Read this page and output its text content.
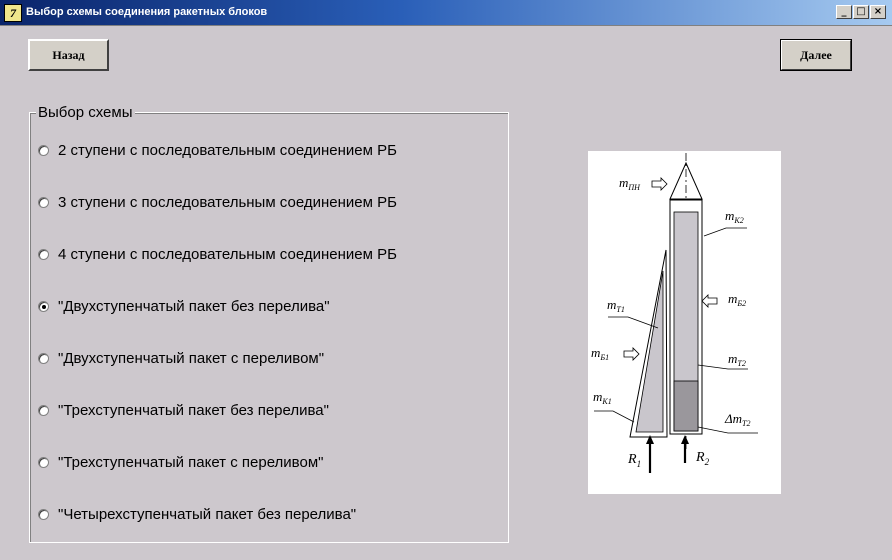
7 Выбор схемы соединения ракетных блоков	_ □ ×
Назад	Далее
Выбор схемы
2 ступени с последовательным соединением РБ
3 ступени с последовательным соединением РБ
4 ступени с последовательным соединением РБ
"Двухступенчатый пакет без перелива"
"Двухступенчатый пакет с переливом"
"Трехступенчатый пакет без перелива"
"Трехступенчатый пакет с переливом"
"Четырехступенчатый пакет без перелива"
$m_{ПН}$
$m_{К2}$
$m_{Б2}$
$m_{Т1}$
$m_{Б1}$	$m_{Т2}$
$m_{К1}$
$\Delta m_{Т2}$
$R_1$	$R_2$
